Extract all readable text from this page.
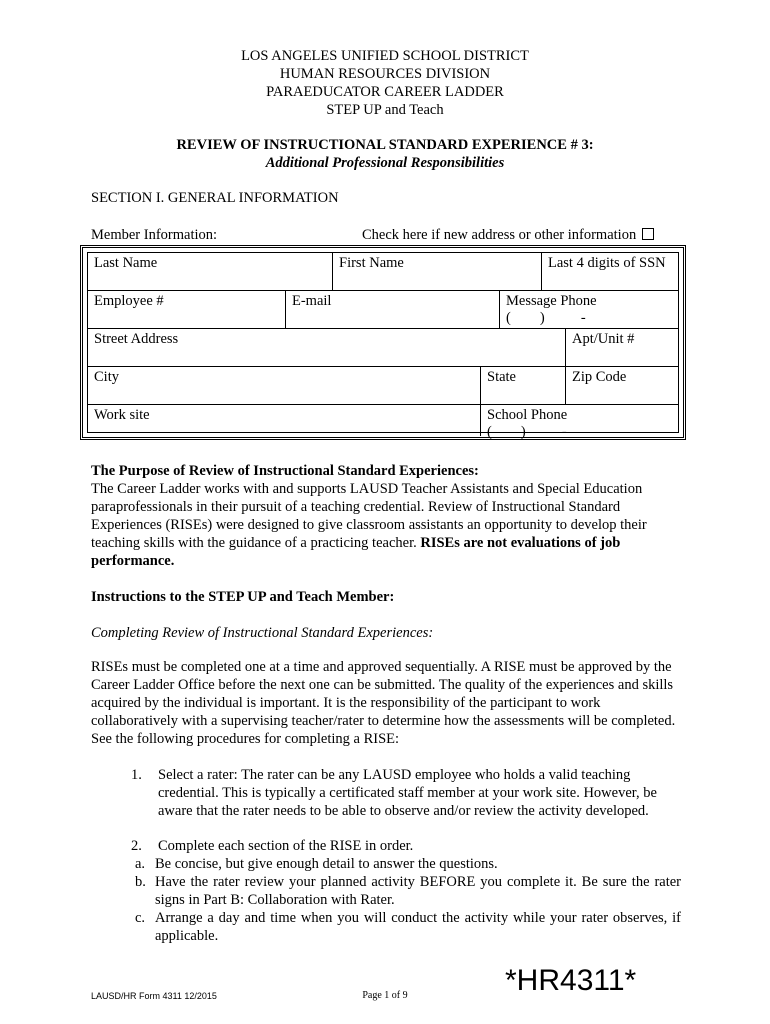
LOS ANGELES UNIFIED SCHOOL DISTRICT
HUMAN RESOURCES DIVISION
PARAEDUCATOR CAREER LADDER
STEP UP and Teach
REVIEW OF INSTRUCTIONAL STANDARD EXPERIENCE # 3:
Additional Professional Responsibilities
SECTION I. GENERAL INFORMATION
Member Information:	Check here if new address or other information
Last Name	First Name	Last 4 digits of SSN
Employee #	E-mail	Message Phone
(        )          -
Street Address	Apt/Unit #
City	State	Zip Code
Work site	School Phone
(        )          -
The Purpose of Review of Instructional Standard Experiences:
The Career Ladder works with and supports LAUSD Teacher Assistants and Special Education paraprofessionals in their pursuit of a teaching credential. Review of Instructional Standard Experiences (RISEs) were designed to give classroom assistants an opportunity to develop their teaching skills with the guidance of a practicing teacher. RISEs are not evaluations of job performance.
Instructions to the STEP UP and Teach Member:
Completing Review of Instructional Standard Experiences:
RISEs must be completed one at a time and approved sequentially. A RISE must be approved by the Career Ladder Office before the next one can be submitted. The quality of the experiences and skills acquired by the individual is important. It is the responsibility of the participant to work collaboratively with a supervising teacher/rater to determine how the assessments will be completed. See the following procedures for completing a RISE:
1. Select a rater: The rater can be any LAUSD employee who holds a valid teaching credential. This is typically a certificated staff member at your work site. However, be aware that the rater needs to be able to observe and/or review the activity developed.
2. Complete each section of the RISE in order.
a. Be concise, but give enough detail to answer the questions.
b. Have the rater review your planned activity BEFORE you complete it. Be sure the rater signs in Part B: Collaboration with Rater.
c. Arrange a day and time when you will conduct the activity while your rater observes, if applicable.
LAUSD/HR Form 4311 12/2015	Page 1 of 9	*HR4311*
